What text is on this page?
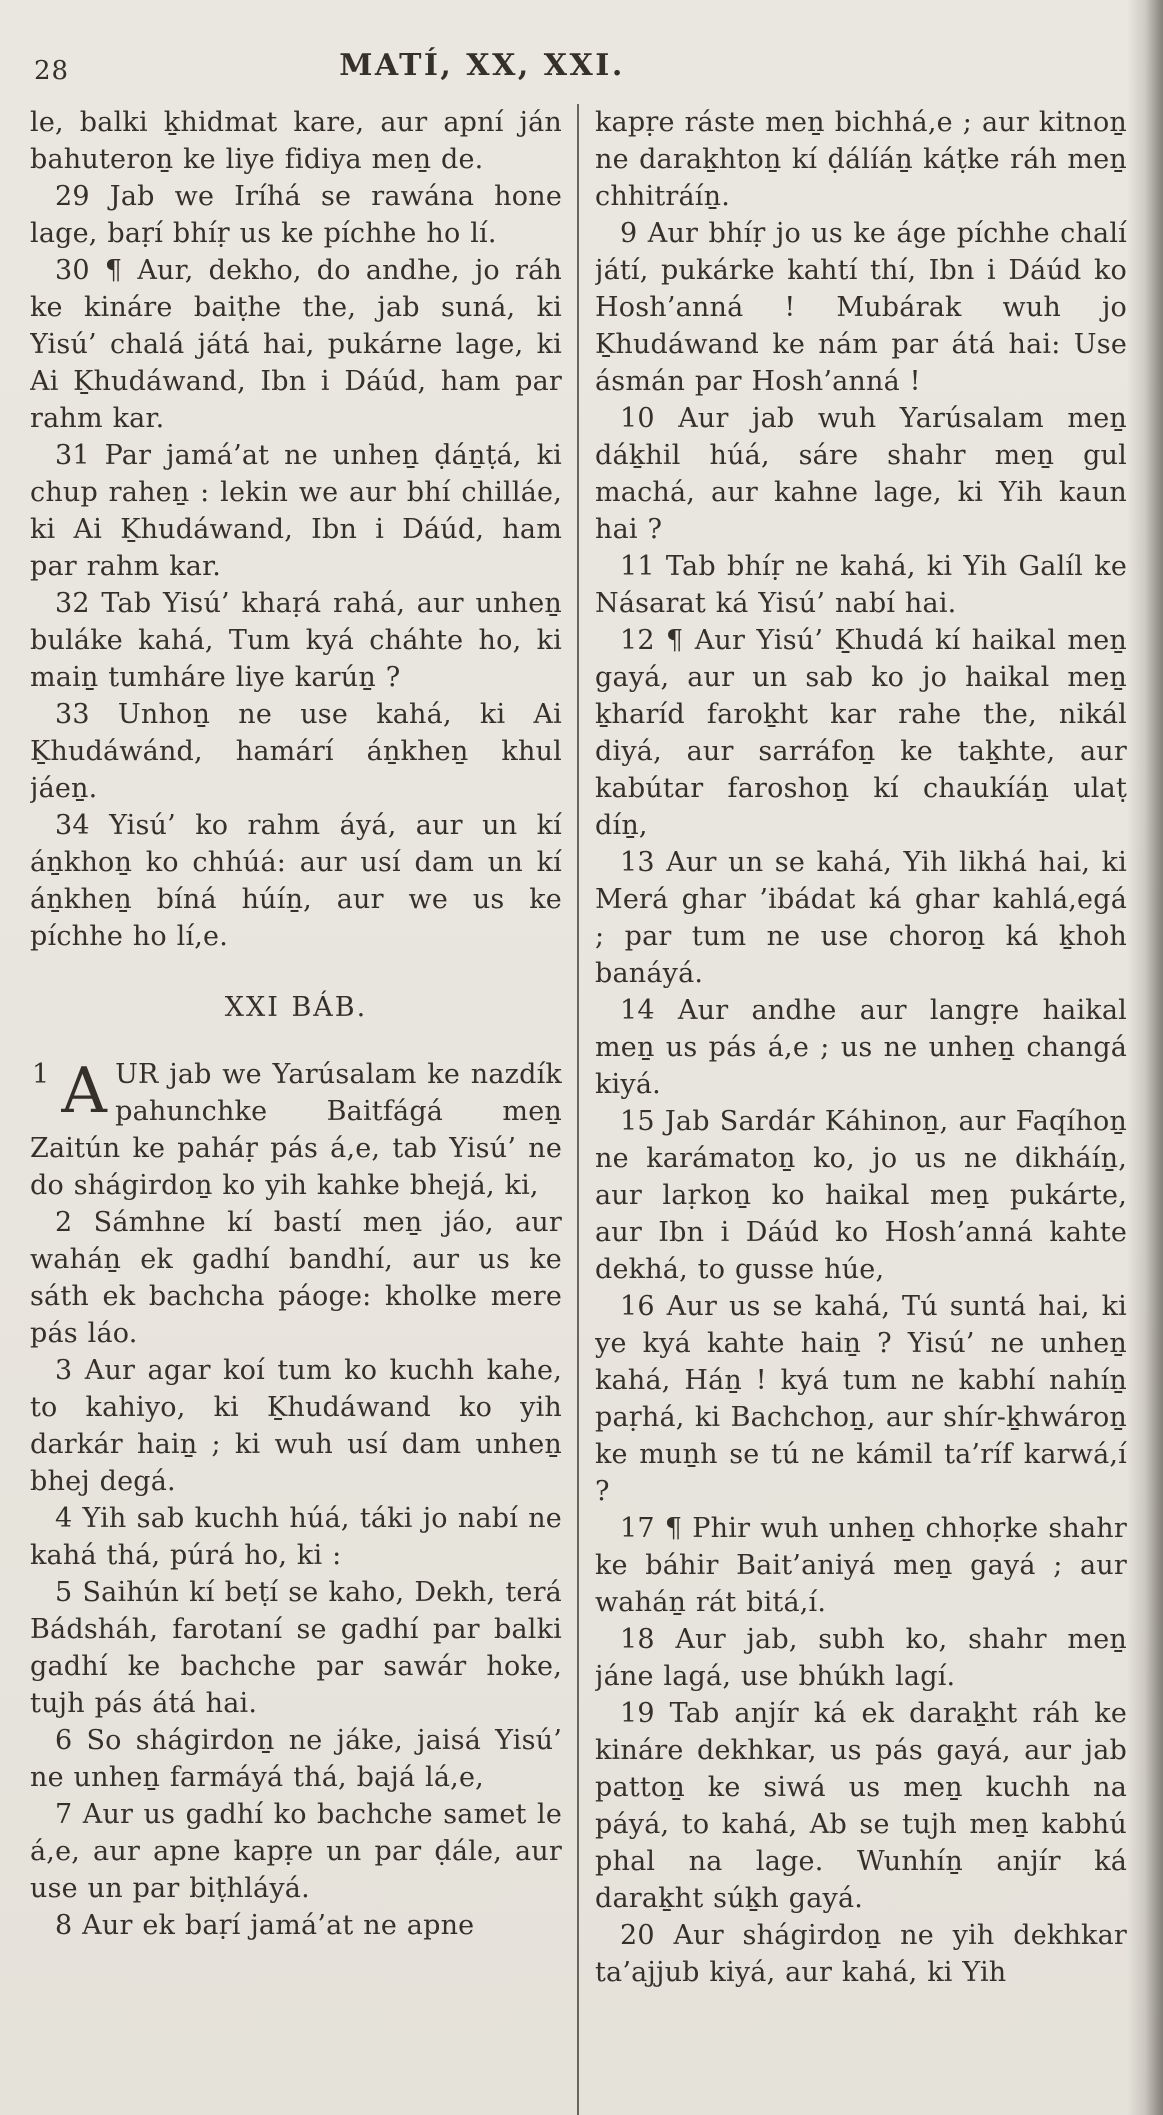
28	MATÍ, XX, XXI.

le, balki ḵhidmat kare, aur apní ján bahuteroṉ ke liye fidiya meṉ de.

29 Jab we Iríhá se rawána hone lage, baṛí bhíṛ us ke píchhe ho lí.

30 ¶ Aur, dekho, do andhe, jo ráh ke kináre baiṭhe the, jab suná, ki Yisú’ chalá játá hai, pukárne lage, ki Ai Ḵhudáwand, Ibn i Dáúd, ham par rahm kar.

31 Par jamá’at ne unheṉ ḍáṉṭá, ki chup raheṉ : lekin we aur bhí chilláe, ki Ai Ḵhudáwand, Ibn i Dáúd, ham par rahm kar.

32 Tab Yisú’ khaṛá rahá, aur unheṉ buláke kahá, Tum kyá cháhte ho, ki maiṉ tumháre liye karúṉ ?

33 Unhoṉ ne use kahá, ki Ai Ḵhudáwánd, hamárí áṉkheṉ khul jáeṉ.

34 Yisú’ ko rahm áyá, aur un kí áṉkhoṉ ko chhúá: aur usí dam un kí áṉkheṉ bíná húíṉ, aur we us ke píchhe ho lí,e.

XXI BÁB.

1 A UR jab we Yarúsalam ke nazdík pahunchke Baitfágá meṉ Zaitún ke paháṛ pás á,e, tab Yisú’ ne do shágirdoṉ ko yih kahke bhejá, ki,

2 Sámhne kí bastí meṉ jáo, aur waháṉ ek gadhí bandhí, aur us ke sáth ek bachcha páoge: kholke mere pás láo.

3 Aur agar koí tum ko kuchh kahe, to kahiyo, ki Ḵhudáwand ko yih darkár haiṉ ; ki wuh usí dam unheṉ bhej degá.

4 Yih sab kuchh húá, táki jo nabí ne kahá thá, púrá ho, ki :

5 Saihún kí beṭí se kaho, Dekh, terá Bádsháh, farotaní se gadhí par balki gadhí ke bachche par sawár hoke, tujh pás átá hai.

6 So shágirdoṉ ne jáke, jaisá Yisú’ ne unheṉ farmáyá thá, bajá lá,e,

7 Aur us gadhí ko bachche samet le á,e, aur apne kapṛe un par ḍále, aur use un par biṭhláyá.

8 Aur ek baṛí jamá’at ne apne

kapṛe ráste meṉ bichhá,e ; aur kitnoṉ ne daraḵhtoṉ kí ḍálíáṉ káṭke ráh meṉ chhitráíṉ.

9 Aur bhíṛ jo us ke áge píchhe chalí játí, pukárke kahtí thí, Ibn i Dáúd ko Hosh’anná ! Mubárak wuh jo Ḵhudáwand ke nám par átá hai: Use ásmán par Hosh’anná !

10 Aur jab wuh Yarúsalam meṉ dáḵhil húá, sáre shahr meṉ gul machá, aur kahne lage, ki Yih kaun hai ?

11 Tab bhíṛ ne kahá, ki Yih Galíl ke Násarat ká Yisú’ nabí hai.

12 ¶ Aur Yisú’ Ḵhudá kí haikal meṉ gayá, aur un sab ko jo haikal meṉ ḵharíd faroḵht kar rahe the, nikál diyá, aur sarráfoṉ ke taḵhte, aur kabútar faroshoṉ kí chaukíáṉ ulaṭ díṉ,

13 Aur un se kahá, Yih likhá hai, ki Merá ghar ’ibádat ká ghar kahlá,egá ; par tum ne use choroṉ ká ḵhoh banáyá.

14 Aur andhe aur langṛe haikal meṉ us pás á,e ; us ne unheṉ changá kiyá.

15 Jab Sardár Káhinoṉ, aur Faqíhoṉ ne karámatoṉ ko, jo us ne dikháíṉ, aur laṛkoṉ ko haikal meṉ pukárte, aur Ibn i Dáúd ko Hosh’anná kahte dekhá, to gusse húe,

16 Aur us se kahá, Tú suntá hai, ki ye kyá kahte haiṉ ? Yisú’ ne unheṉ kahá, Háṉ ! kyá tum ne kabhí nahíṉ paṛhá, ki Bachchoṉ, aur shír-ḵhwároṉ ke muṉh se tú ne kámil ta’ríf karwá,í ?

17 ¶ Phir wuh unheṉ chhoṛke shahr ke báhir Bait’aniyá meṉ gayá ; aur waháṉ rát bitá,í.

18 Aur jab, subh ko, shahr meṉ jáne lagá, use bhúkh lagí.

19 Tab anjír ká ek daraḵht ráh ke kináre dekhkar, us pás gayá, aur jab pattoṉ ke siwá us meṉ kuchh na páyá, to kahá, Ab se tujh meṉ kabhú phal na lage. Wunhíṉ anjír ká daraḵht súḵh gayá.

20 Aur shágirdoṉ ne yih dekhkar ta’ajjub kiyá, aur kahá, ki Yih
